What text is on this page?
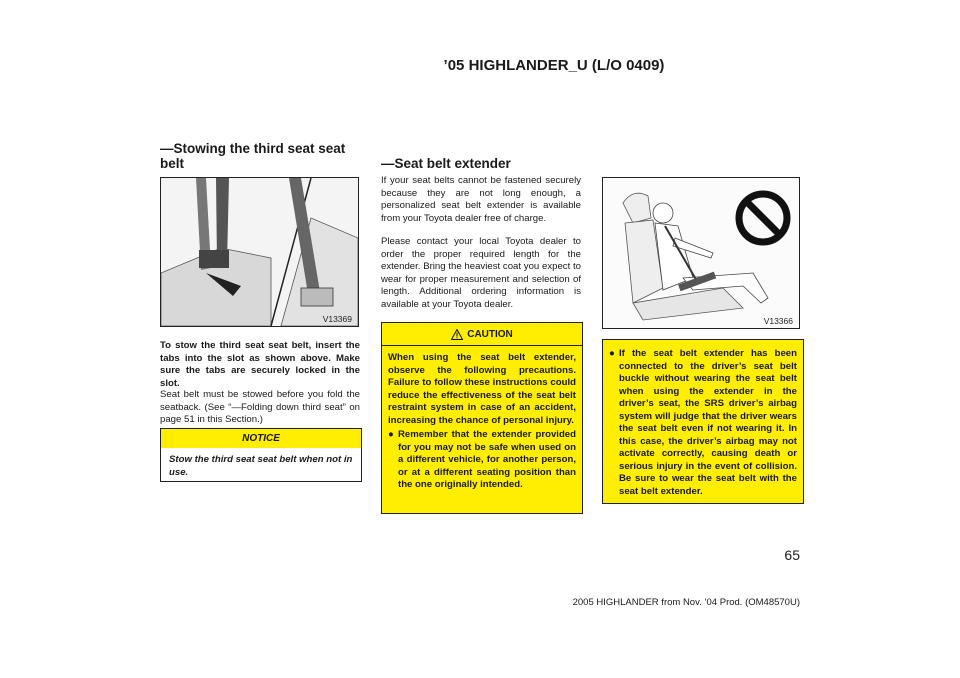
’05 HIGHLANDER_U (L/O 0409)
—Stowing the third seat seat belt
V13369
To stow the third seat seat belt, insert the tabs into the slot as shown above. Make sure the tabs are securely locked in the slot.
Seat belt must be stowed before you fold the seatback. (See “—Folding down third seat” on page 51 in this Section.)
NOTICE
Stow the third seat seat belt when not in use.
—Seat belt extender
If your seat belts cannot be fastened securely because they are not long enough, a personalized seat belt extender is available from your Toyota dealer free of charge.
Please contact your local Toyota dealer to order the proper required length for the extender. Bring the heaviest coat you expect to wear for proper measurement and selection of length. Additional ordering information is available at your Toyota dealer.
CAUTION

When using the seat belt extender, observe the following precautions. Failure to follow these instructions could reduce the effectiveness of the seat belt restraint system in case of an accident, increasing the chance of personal injury.

● Remember that the extender provided for you may not be safe when used on a different vehicle, for another person, or at a different seating position than the one originally intended.
V13366
● If the seat belt extender has been connected to the driver’s seat belt buckle without wearing the seat belt when using the extender in the driver’s seat, the SRS driver’s airbag system will judge that the driver wears the seat belt even if not wearing it. In this case, the driver’s airbag may not activate correctly, causing death or serious injury in the event of collision. Be sure to wear the seat belt with the seat belt extender.
65
2005 HIGHLANDER from Nov. ’04 Prod. (OM48570U)
